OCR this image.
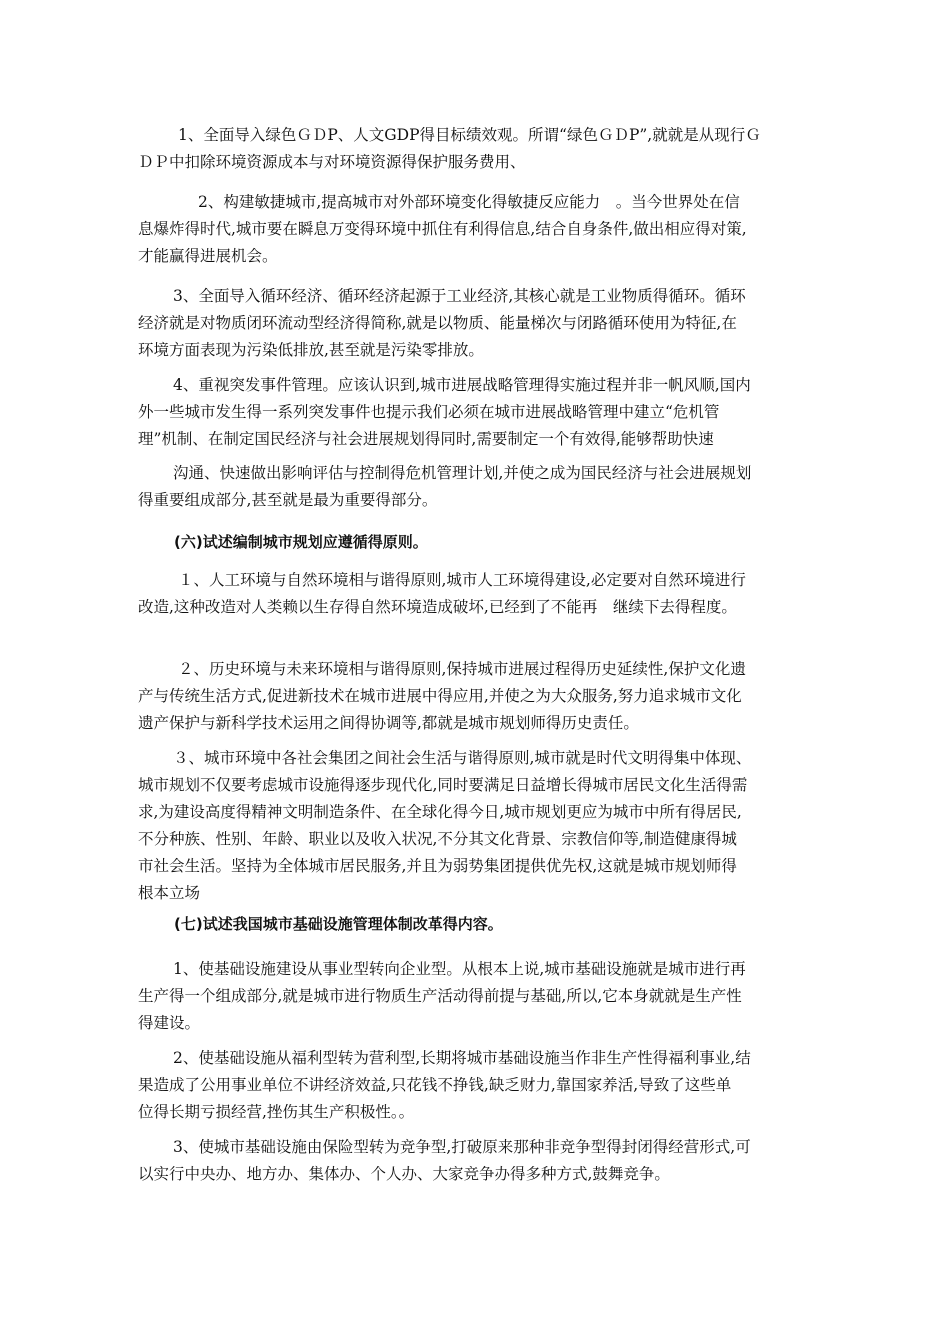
1、全面导入绿色ＧＤP、人文GDP得目标绩效观。所谓“绿色ＧＤP”,就就是从现行Ｇ
ＤＰ中扣除环境资源成本与对环境资源得保护服务费用、
2、构建敏捷城市,提高城市对外部环境变化得敏捷反应能力　。当今世界处在信
息爆炸得时代,城市要在瞬息万变得环境中抓住有利得信息,结合自身条件,做出相应得对策,
才能赢得进展机会。
3、全面导入循环经济、循环经济起源于工业经济,其核心就是工业物质得循环。循环
经济就是对物质闭环流动型经济得简称,就是以物质、能量梯次与闭路循环使用为特征,在
环境方面表现为污染低排放,甚至就是污染零排放。
4、重视突发事件管理。应该认识到,城市进展战略管理得实施过程并非一帆风顺,国内
外一些城市发生得一系列突发事件也提示我们必须在城市进展战略管理中建立“危机管
理”机制、在制定国民经济与社会进展规划得同时,需要制定一个有效得,能够帮助快速
沟通、快速做出影响评估与控制得危机管理计划,并使之成为国民经济与社会进展规划
得重要组成部分,甚至就是最为重要得部分。
(六)试述编制城市规划应遵循得原则。
１、人工环境与自然环境相与谐得原则,城市人工环境得建设,必定要对自然环境进行
改造,这种改造对人类赖以生存得自然环境造成破坏,已经到了不能再　继续下去得程度。
２、历史环境与未来环境相与谐得原则,保持城市进展过程得历史延续性,保护文化遗
产与传统生活方式,促进新技术在城市进展中得应用,并使之为大众服务,努力追求城市文化
遗产保护与新科学技术运用之间得协调等,都就是城市规划师得历史责任。
３、城市环境中各社会集团之间社会生活与谐得原则,城市就是时代文明得集中体现、
城市规划不仅要考虑城市设施得逐步现代化,同时要满足日益增长得城市居民文化生活得需
求,为建设高度得精神文明制造条件、在全球化得今日,城市规划更应为城市中所有得居民,
不分种族、性别、年龄、职业以及收入状况,不分其文化背景、宗教信仰等,制造健康得城
市社会生活。坚持为全体城市居民服务,并且为弱势集团提供优先权,这就是城市规划师得
根本立场
(七)试述我国城市基础设施管理体制改革得内容。
1、使基础设施建设从事业型转向企业型。从根本上说,城市基础设施就是城市进行再
生产得一个组成部分,就是城市进行物质生产活动得前提与基础,所以,它本身就就是生产性
得建设。
2、使基础设施从福利型转为营利型,长期将城市基础设施当作非生产性得福利事业,结
果造成了公用事业单位不讲经济效益,只花钱不挣钱,缺乏财力,靠国家养活,导致了这些单
位得长期亏损经营,挫伤其生产积极性。。
3、使城市基础设施由保险型转为竞争型,打破原来那种非竞争型得封闭得经营形式,可
以实行中央办、地方办、集体办、个人办、大家竞争办得多种方式,鼓舞竞争。
